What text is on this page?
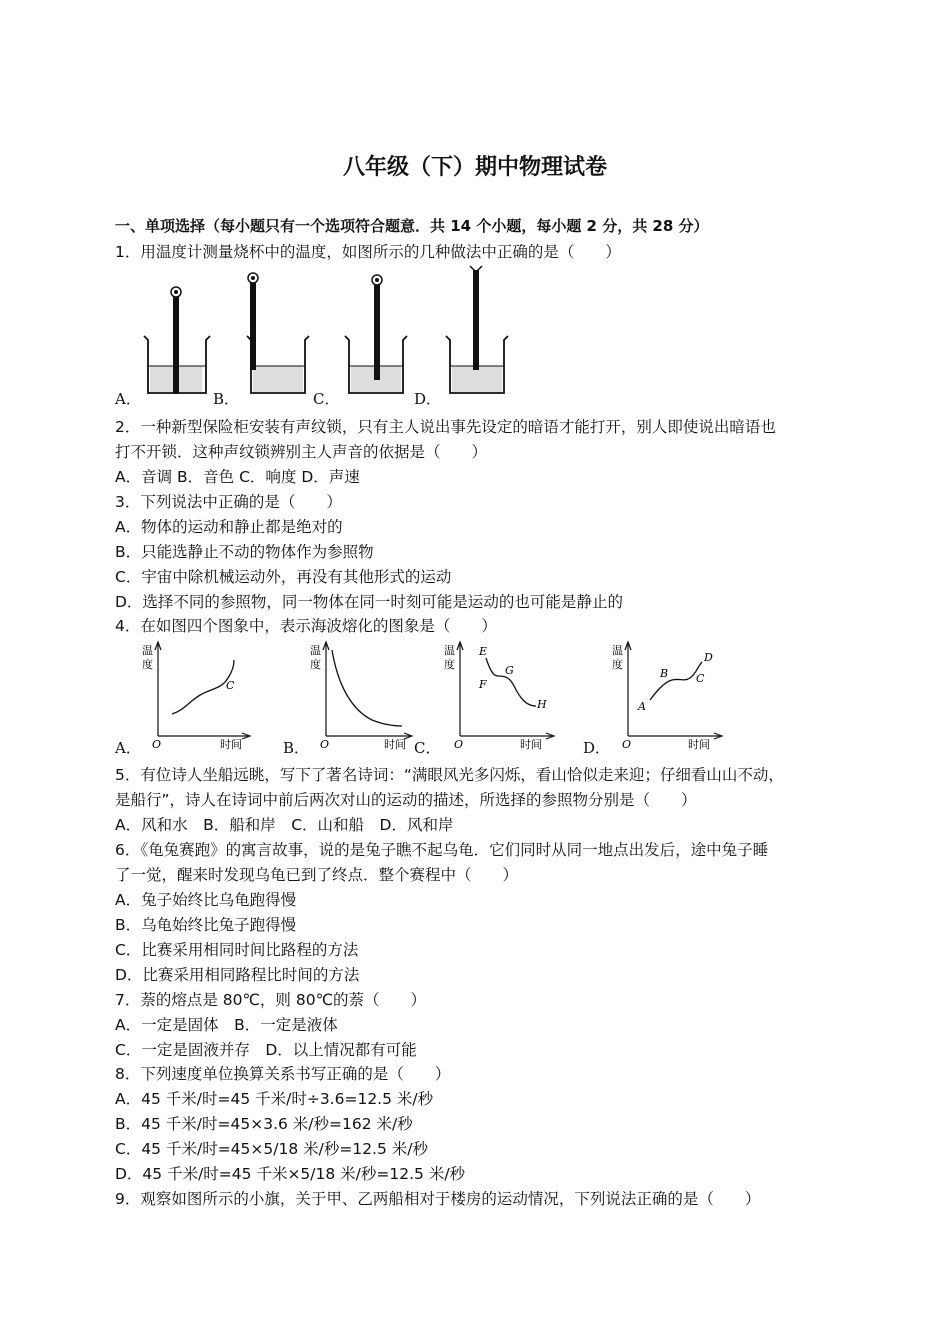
八年级（下）期中物理试卷
一、单项选择（每小题只有一个选项符合题意．共 14 个小题，每小题 2 分，共 28 分）
1．用温度计测量烧杯中的温度，如图所示的几种做法中正确的是（　　）
A．	B．	C．	D．
2．一种新型保险柜安装有声纹锁，只有主人说出事先设定的暗语才能打开，别人即使说出暗语也
打不开锁．这种声纹锁辨别主人声音的依据是（　　）
A．音调 B．音色 C．响度 D．声速
3．下列说法中正确的是（　　）
A．物体的运动和静止都是绝对的
B．只能选静止不动的物体作为参照物
C．宇宙中除机械运动外，再没有其他形式的运动
D．选择不同的参照物，同一物体在同一时刻可能是运动的也可能是静止的
4．在如图四个图象中，表示海波熔化的图象是（　　）
温
度
O	时间
C
温
度
O	时间
温
度
O	时间
E
F
G
H
温
度
O	时间
A
B	C
D
A．	B．	C．	D．
5．有位诗人坐船远眺，写下了著名诗词：“满眼风光多闪烁，看山恰似走来迎；仔细看山山不动，
是船行”，诗人在诗词中前后两次对山的运动的描述，所选择的参照物分别是（　　）
A．风和水　B．船和岸　C．山和船　D．风和岸
6．《龟兔赛跑》的寓言故事，说的是兔子瞧不起乌龟．它们同时从同一地点出发后，途中兔子睡
了一觉，醒来时发现乌龟已到了终点．整个赛程中（　　）
A．兔子始终比乌龟跑得慢
B．乌龟始终比兔子跑得慢
C．比赛采用相同时间比路程的方法
D．比赛采用相同路程比时间的方法
7．萘的熔点是 80℃，则 80℃的萘（　　）
A．一定是固体　B．一定是液体
C．一定是固液并存　D．以上情况都有可能
8．下列速度单位换算关系书写正确的是（　　）
A．45 千米/时=45 千米/时÷3.6=12.5 米/秒
B．45 千米/时=45×3.6 米/秒=162 米/秒
C．45 千米/时=45×5/18 米/秒=12.5 米/秒
D．45 千米/时=45 千米×5/18 米/秒=12.5 米/秒
9．观察如图所示的小旗，关于甲、乙两船相对于楼房的运动情况，下列说法正确的是（　　）
